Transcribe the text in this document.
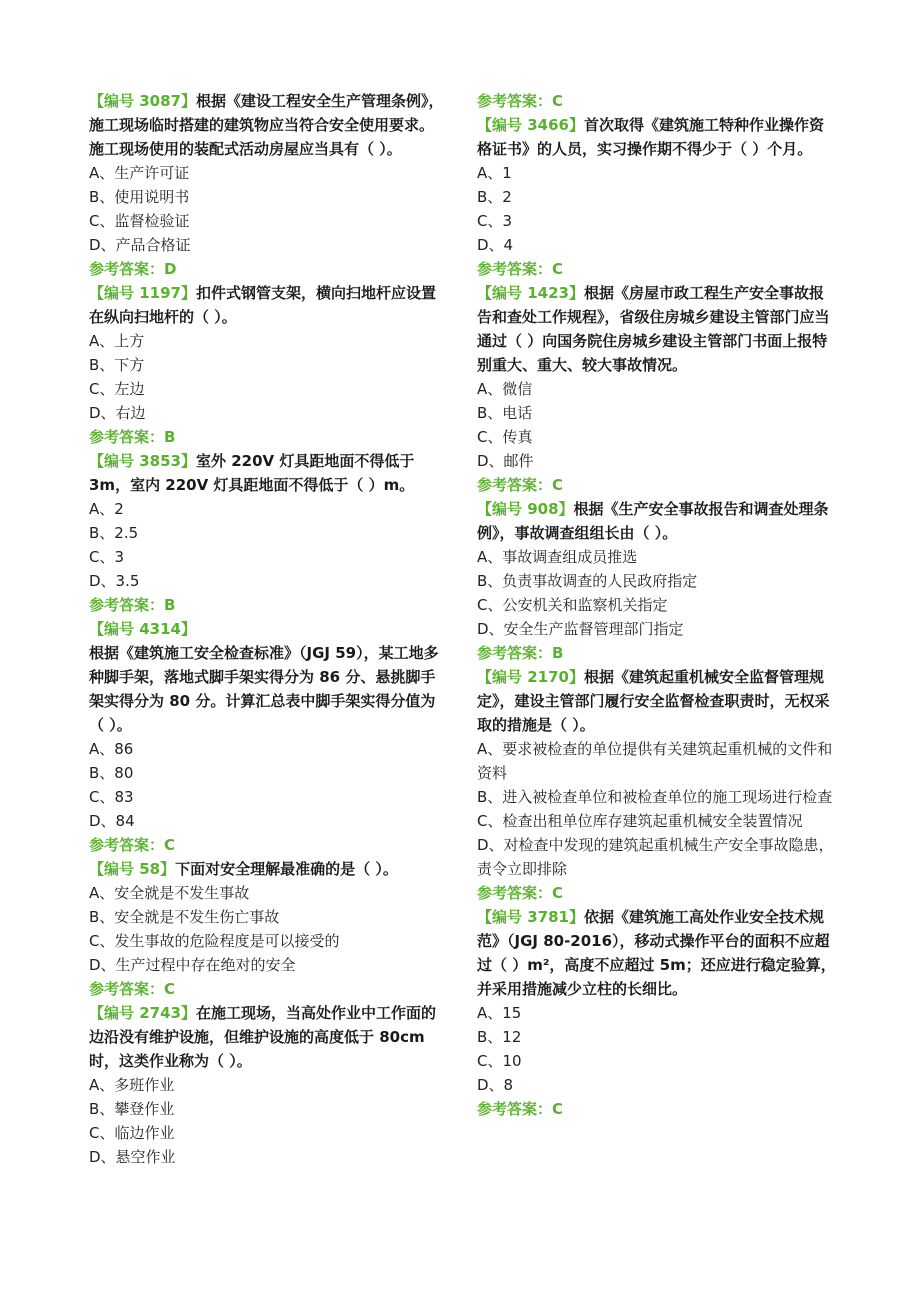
【编号 3087】根据《建设工程安全生产管理条例》，施工现场临时搭建的建筑物应当符合安全使用要求。施工现场使用的装配式活动房屋应当具有（ ）。

A、生产许可证

B、使用说明书

C、监督检验证

D、产品合格证

参考答案：D

【编号 1197】扣件式钢管支架，横向扫地杆应设置在纵向扫地杆的（ ）。

A、上方

B、下方

C、左边

D、右边

参考答案：B

【编号 3853】室外 220V 灯具距地面不得低于3m，室内 220V 灯具距地面不得低于（ ）m。

A、2

B、2.5

C、3

D、3.5

参考答案：B

【编号 4314】

根据《建筑施工安全检查标准》（JGJ 59），某工地多种脚手架，落地式脚手架实得分为 86 分、悬挑脚手架实得分为 80 分。计算汇总表中脚手架实得分值为（ ）。

A、86

B、80

C、83

D、84

参考答案：C

【编号 58】下面对安全理解最准确的是（ ）。

A、安全就是不发生事故

B、安全就是不发生伤亡事故

C、发生事故的危险程度是可以接受的

D、生产过程中存在绝对的安全

参考答案：C

【编号 2743】在施工现场，当高处作业中工作面的边沿没有维护设施，但维护设施的高度低于 80cm 时，这类作业称为（ ）。

A、多班作业

B、攀登作业

C、临边作业

D、悬空作业

参考答案：C

【编号 3466】首次取得《建筑施工特种作业操作资格证书》的人员，实习操作期不得少于（ ）个月。

A、1

B、2

C、3

D、4

参考答案：C

【编号 1423】根据《房屋市政工程生产安全事故报告和查处工作规程》，省级住房城乡建设主管部门应当通过（ ）向国务院住房城乡建设主管部门书面上报特别重大、重大、较大事故情况。

A、微信

B、电话

C、传真

D、邮件

参考答案：C

【编号 908】根据《生产安全事故报告和调查处理条例》，事故调查组组长由（ ）。

A、事故调查组成员推选

B、负责事故调查的人民政府指定

C、公安机关和监察机关指定

D、安全生产监督管理部门指定

参考答案：B

【编号 2170】根据《建筑起重机械安全监督管理规定》，建设主管部门履行安全监督检查职责时，无权采取的措施是（ ）。

A、要求被检查的单位提供有关建筑起重机械的文件和资料

B、进入被检查单位和被检查单位的施工现场进行检查

C、检查出租单位库存建筑起重机械安全装置情况

D、对检查中发现的建筑起重机械生产安全事故隐患，责令立即排除

参考答案：C

【编号 3781】依据《建筑施工高处作业安全技术规范》（JGJ 80-2016），移动式操作平台的面积不应超过（ ）m²，高度不应超过 5m；还应进行稳定验算，并采用措施减少立柱的长细比。

A、15

B、12

C、10

D、8

参考答案：C
